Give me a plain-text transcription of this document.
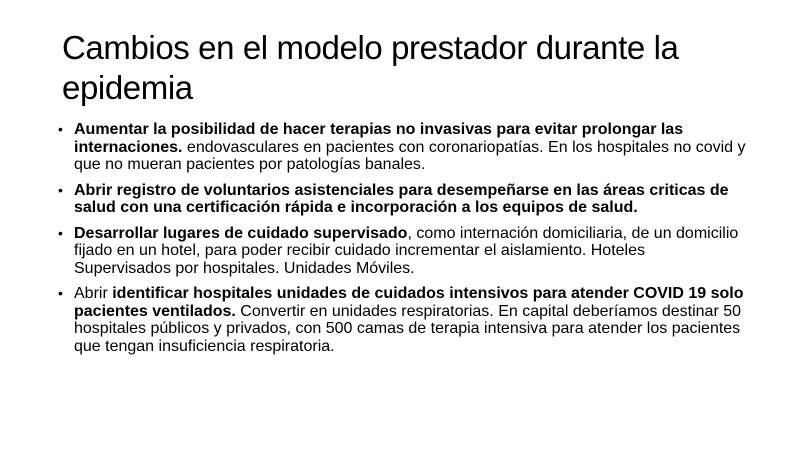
Cambios en el modelo prestador durante la epidemia
• Aumentar la posibilidad de hacer terapias no invasivas para evitar prolongar las internaciones. endovasculares en pacientes con coronariopatías. En los hospitales no covid y que no mueran pacientes por patologías banales.
• Abrir registro de voluntarios asistenciales para desempeñarse en las áreas criticas de salud con una certificación rápida e incorporación a los equipos de salud.
• Desarrollar lugares de cuidado supervisado, como internación domiciliaria, de un domicilio fijado en un hotel, para poder recibir cuidado incrementar el aislamiento. Hoteles Supervisados por hospitales. Unidades Móviles.
• Abrir identificar hospitales unidades de cuidados intensivos para atender COVID 19 solo pacientes ventilados. Convertir en unidades respiratorias. En capital deberíamos destinar 50 hospitales públicos y privados, con 500 camas de terapia intensiva para atender los pacientes que tengan insuficiencia respiratoria.
